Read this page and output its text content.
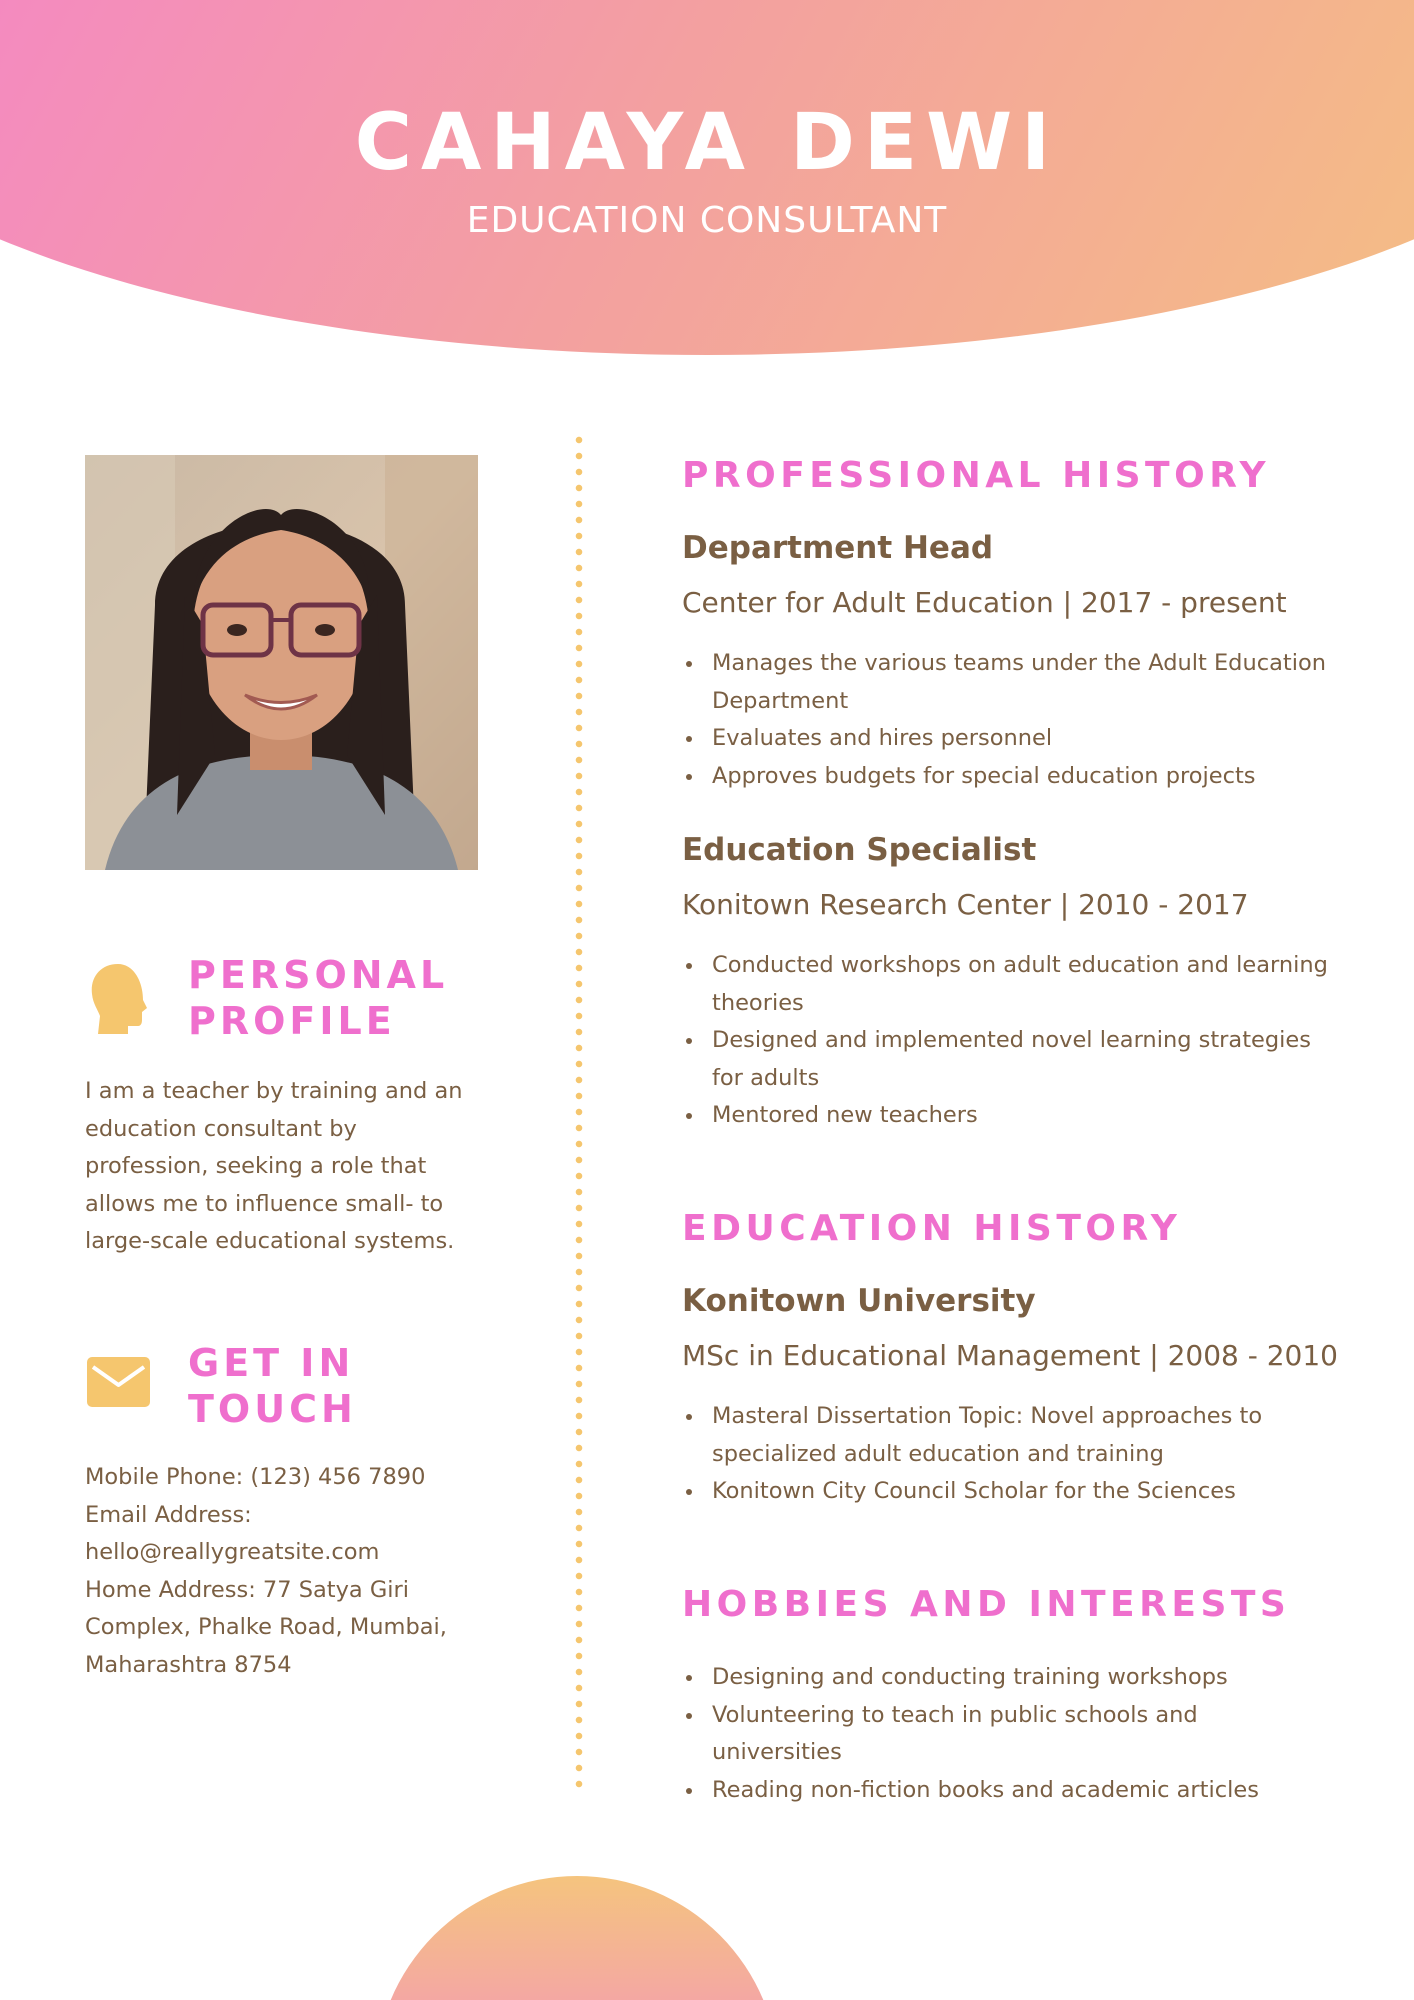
CAHAYA DEWI
EDUCATION CONSULTANT
PERSONAL
PROFILE
I am a teacher by training and an education consultant by profession, seeking a role that allows me to influence small- to large-scale educational systems.
GET IN
TOUCH

Mobile Phone: (123) 456 7890

Email Address:

hello@reallygreatsite.com

Home Address: 77 Satya Giri

Complex, Phalke Road, Mumbai,

Maharashtra 8754

PROFESSIONAL HISTORY
Department Head
Center for Adult Education | 2017 - present
Manages the various teams under the Adult Education Department
Evaluates and hires personnel
Approves budgets for special education projects
Education Specialist
Konitown Research Center | 2010 - 2017
Conducted workshops on adult education and learning theories
Designed and implemented novel learning strategies for adults
Mentored new teachers
EDUCATION HISTORY
Konitown University
MSc in Educational Management | 2008 - 2010
Masteral Dissertation Topic: Novel approaches to specialized adult education and training
Konitown City Council Scholar for the Sciences
HOBBIES AND INTERESTS
Designing and conducting training workshops
Volunteering to teach in public schools and universities
Reading non-fiction books and academic articles
